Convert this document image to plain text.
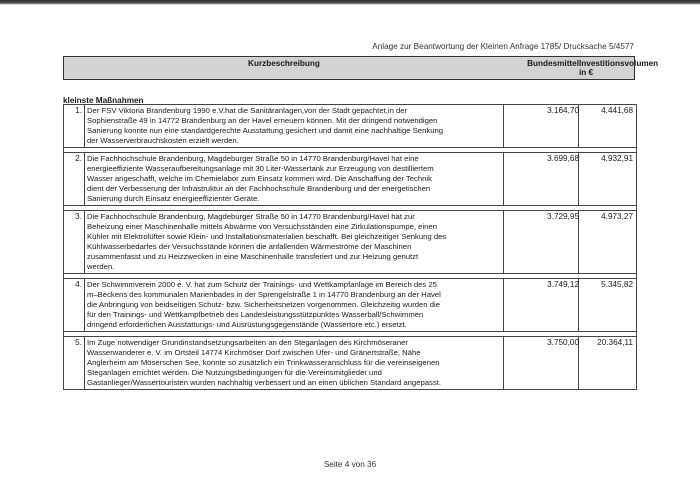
Anlage zur Beantwortung der Kleinen Anfrage 1785/ Drucksache 5/4577
Kurzbeschreibung	Bundesmittel Investitionsvolumen
in €
kleinste Maßnahmen
1. Der FSV Viktoria Brandenburg 1990 e.V.hat die Sanitäranlagen,von der Stadt gepachtet,in der
Sophienstraße 49 in 14772 Brandenburg an der Havel erneuern können. Mit der dringend notwendigen
Sanierung konnte nun eine standardgerechte Ausstattung gesichert und damit eine nachhaltige Senkung
der Wasserverbrauchskosten erzielt werden.
3.164,70	4.441,68
2. Die Fachhochschule Brandenburg, Magdeburger Straße 50 in 14770 Brandenburg/Havel hat eine
energieeffiziente Wasseraufbereitungsanlage mit 30 Liter-Wassertank zur Erzeugung von destilliertem
Wasser angeschafft, welche im Chemielabor zum Einsatz kommen wird. Die Anschaffung der Technik
dient der Verbesserung der Infrastruktur an der Fachhochschule Brandenburg und der energetischen
Sanierung durch Einsatz energieeffizienter Geräte.
3.699,68	4.932,91
3. Die Fachhochschule Brandenburg, Magdeburger Straße 50 in 14770 Brandenburg/Havel hat zur
Beheizung einer Maschinenhalle mittels Abwärme von Versuchsständen eine Zirkulationspumpe, einen
Kühler mit Elektrolüfter sowie Klein- und Installationsmaterialien beschafft. Bei gleichzeitiger Senkung des
Kühlwasserbedarfes der Versuchsstände können die anfallenden Wärmeströme der Maschinen
zusammenfasst und zu Heizzwecken in eine Maschinenhalle transferiert und zur Heizung genutzt
werden.
3.729,95	4.973,27
4. Der Schwimmverein 2000 e. V. hat zum Schutz der Trainings- und Wettkampfanlage im Bereich des 25
m–Beckens des kommunalen Marienbades in der Sprengelstraße 1 in 14770 Brandenburg an der Havel
die Anbringung von beidseitigen Schutz- bzw. Sicherheitsnetzen vorgenommen. Gleichzeitig wurden die
für den Trainings- und Wettkampfbetrieb des Landesleistungsstützpunktes Wasserball/Schwimmen
dringend erforderlichen Ausstattungs- und Ausrüstungsgegenstände (Wassertore etc.) ersetzt.
3.749,12	5.345,82
5. Im Zuge notwendiger Grundinstandsetzungsarbeiten an den Steganlagen des Kirchmöseraner
Wasserwanderer e. V. im Ortsteil 14774 Kirchmöser Dorf zwischen Ufer- und Gränertstraße, Nähe
Anglerheim am Möserschen See, konnte so zusätzlich ein Trinkwasseranschluss für die vereinseigenen
Steganlagen errichtet werden. Die Nutzungsbedingungen für die Vereinsmitglieder und
Gastanlieger/Wassertouristen wurden nachhaltig verbessert und an einen üblichen Standard angepasst.
3.750,00	20.364,11
Seite 4 von 36
